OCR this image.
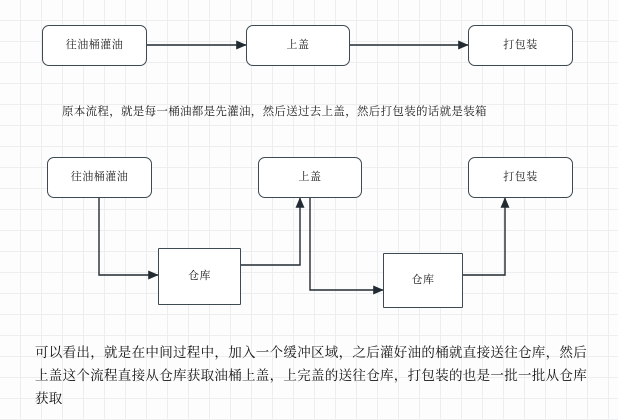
往油桶灌油	上盖	打包装
原本流程，就是每一桶油都是先灌油，然后送过去上盖，然后打包装的话就是装箱
往油桶灌油	上盖	打包装
仓库	仓库
可以看出，就是在中间过程中，加入一个缓冲区域，之后灌好油的桶就直接送往仓库，然后上盖这个流程直接从仓库获取油桶上盖，上完盖的送往仓库，打包装的也是一批一批从仓库获取
